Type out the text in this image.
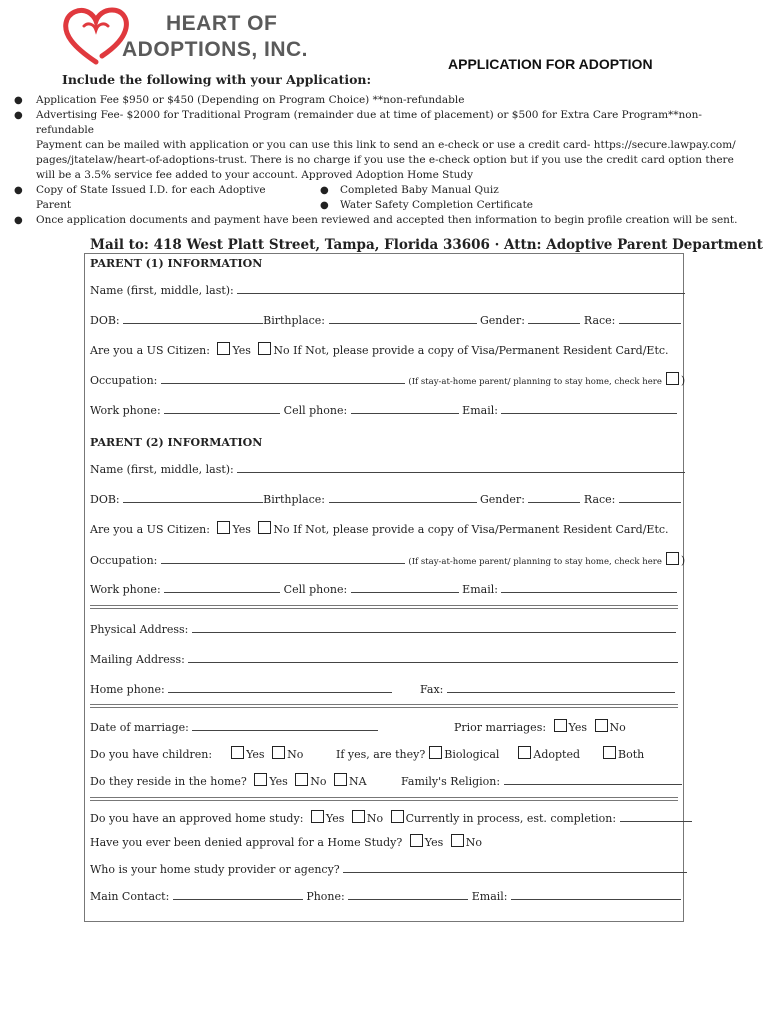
HEART OF
ADOPTIONS, INC.
APPLICATION FOR ADOPTION
Include the following with your Application:
● Application Fee $950 or $450 (Depending on Program Choice) **non-refundable
● Advertising Fee- $2000 for Traditional Program (remainder due at time of placement) or $500 for Extra Care Program**non-
refundable
Payment can be mailed with application or you can use this link to send an e-check or use a credit card- https://secure.lawpay.com/
pages/jtatelaw/heart-of-adoptions-trust. There is no charge if you use the e-check option but if you use the credit card option there
will be a 3.5% service fee added to your account. Approved Adoption Home Study
● Copy of State Issued I.D. for each Adoptive
Parent
● Completed Baby Manual Quiz
● Water Safety Completion Certificate
● Once application documents and payment have been reviewed and accepted then information to begin profile creation will be sent.
Mail to: 418 West Platt Street, Tampa, Florida 33606 · Attn: Adoptive Parent Department
PARENT (1) INFORMATION
Name (first, middle, last):
DOB:	Birthplace:	Gender:	Race:
Are you a US Citizen: Yes No If Not, please provide a copy of Visa/Permanent Resident Card/Etc.
Occupation:	(If stay-at-home parent/ planning to stay home, check here )
Work phone:	Cell phone:	Email:
PARENT (2) INFORMATION
Name (first, middle, last):
DOB:	Birthplace:	Gender:	Race:
Are you a US Citizen: Yes No If Not, please provide a copy of Visa/Permanent Resident Card/Etc.
Occupation:	(If stay-at-home parent/ planning to stay home, check here )
Work phone:	Cell phone:	Email:
Physical Address:
Mailing Address:
Home phone:	Fax:
Date of marriage:	Prior marriages: Yes No
Do you have children:	Yes No	If yes, are they? Biological	Adopted	Both
Do they reside in the home? Yes No NA	Family's Religion:
Do you have an approved home study: Yes No Currently in process, est. completion:
Have you ever been denied approval for a Home Study? Yes No
Who is your home study provider or agency?
Main Contact:	Phone:	Email:
